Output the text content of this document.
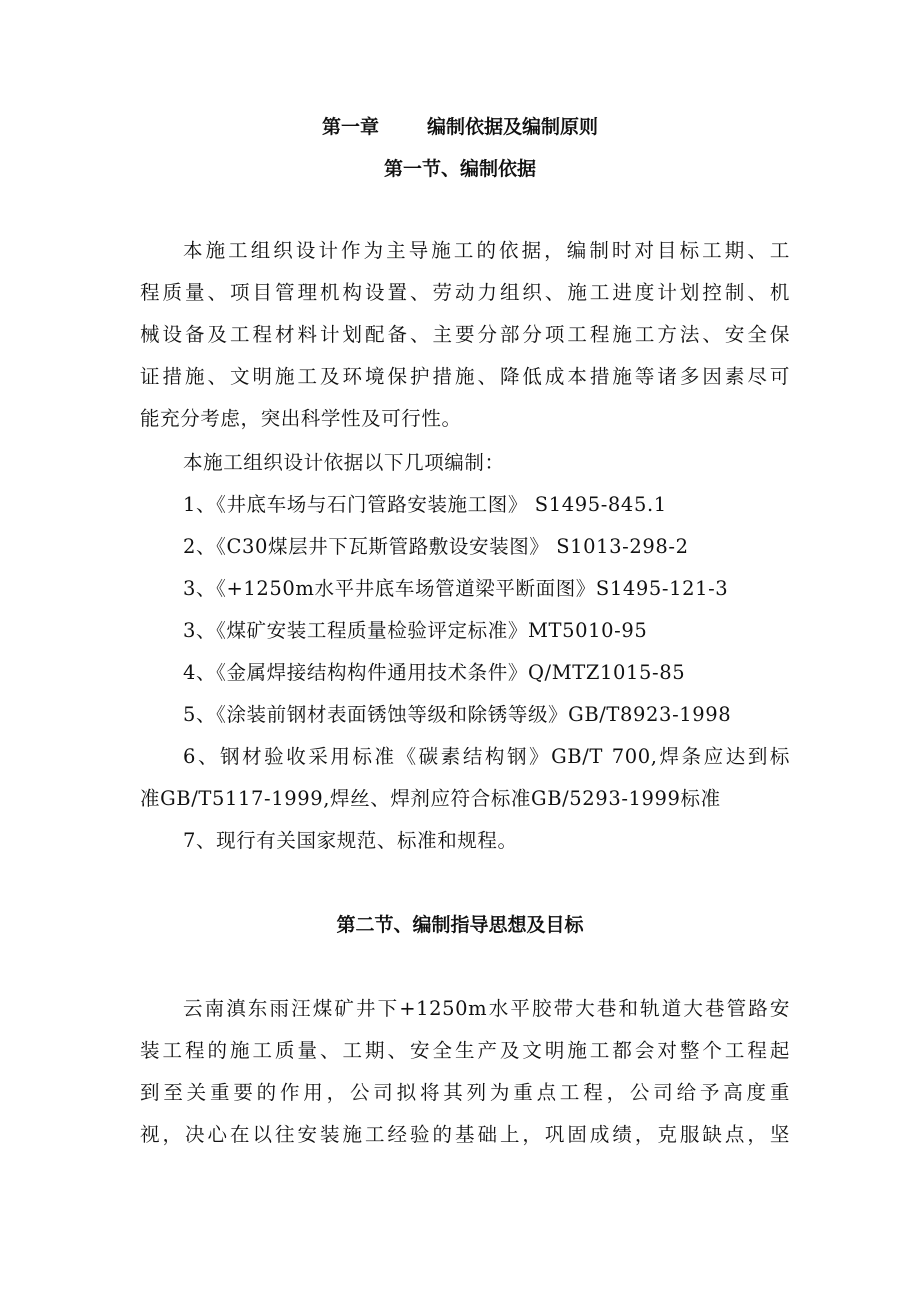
第一章	编制依据及编制原则
第一节、编制依据
本施工组织设计作为主导施工的依据，编制时对目标工期、工
程质量、项目管理机构设置、劳动力组织、施工进度计划控制、机
械设备及工程材料计划配备、主要分部分项工程施工方法、安全保
证措施、文明施工及环境保护措施、降低成本措施等诸多因素尽可
能充分考虑，突出科学性及可行性。
本施工组织设计依据以下几项编制：
1、《井底车场与石门管路安装施工图》 S1495-845.1
2、《C30煤层井下瓦斯管路敷设安装图》 S1013-298-2
3、《+1250m水平井底车场管道梁平断面图》S1495-121-3
3、《煤矿安装工程质量检验评定标准》MT5010-95
4、《金属焊接结构构件通用技术条件》Q/MTZ1015-85
5、《涂装前钢材表面锈蚀等级和除锈等级》GB/T8923-1998
6、钢材验收采用标准《碳素结构钢》GB/T 700,焊条应达到标
准GB/T5117-1999,焊丝、焊剂应符合标准GB/5293-1999标准
7、现行有关国家规范、标准和规程。
第二节、编制指导思想及目标
云南滇东雨汪煤矿井下+1250m水平胶带大巷和轨道大巷管路安
装工程的施工质量、工期、安全生产及文明施工都会对整个工程起
到至关重要的作用，公司拟将其列为重点工程，公司给予高度重
视，决心在以往安装施工经验的基础上，巩固成绩，克服缺点，坚
